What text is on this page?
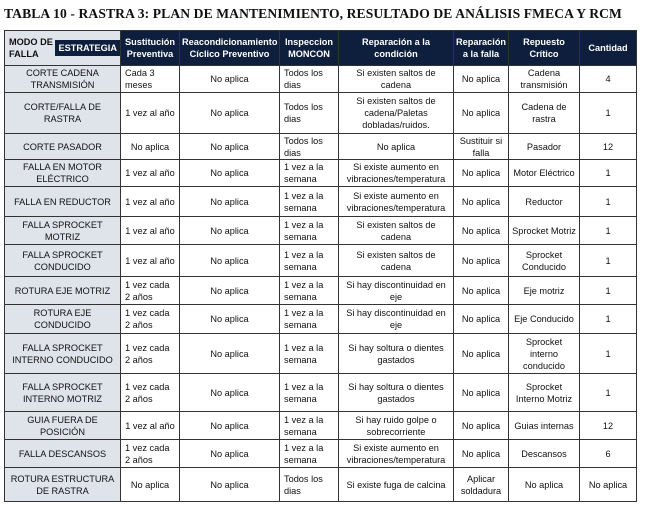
TABLA 10 - RASTRA 3: PLAN DE MANTENIMIENTO, RESULTADO DE ANÁLISIS FMECA Y RCM
MODO DE FALLA
ESTRATEGIA	Sustitución Preventiva	Reacondicionamiento Cíclico Preventivo	Inspeccion MONCON	Reparación a la condición	Reparación a la falla	Repuesto Crítico	Cantidad
CORTE CADENA TRANSMISIÓN	Cada 3 meses	No aplica	Todos los dias	Si existen saltos de cadena	No aplica	Cadena transmisión	4
CORTE/FALLA DE RASTRA	1 vez al año	No aplica	Todos los dias	Si existen saltos de cadena/Paletas dobladas/ruidos.	No aplica	Cadena de rastra	1
CORTE PASADOR	No aplica	No aplica	Todos los dias	No aplica	Sustituir si falla	Pasador	12
FALLA EN MOTOR ELÉCTRICO	1 vez al año	No aplica	1 vez a la semana	Si existe aumento en vibraciones/temperatura	No aplica	Motor Eléctrico	1
FALLA EN REDUCTOR	1 vez al año	No aplica	1 vez a la semana	Si existe aumento en vibraciones/temperatura	No aplica	Reductor	1
FALLA SPROCKET MOTRIZ	1 vez al año	No aplica	1 vez a la semana	Si existen saltos de cadena	No aplica	Sprocket Motriz	1
FALLA SPROCKET CONDUCIDO	1 vez al año	No aplica	1 vez a la semana	Si existen saltos de cadena	No aplica	Sprocket Conducido	1
ROTURA EJE MOTRIZ	1 vez cada 2 años	No aplica	1 vez a la semana	Si hay discontinuidad en eje	No aplica	Eje motriz	1
ROTURA EJE CONDUCIDO	1 vez cada 2 años	No aplica	1 vez a la semana	Si hay discontinuidad en eje	No aplica	Eje Conducido	1
FALLA SPROCKET INTERNO CONDUCIDO	1 vez cada 2 años	No aplica	1 vez a la semana	Si hay soltura o dientes gastados	No aplica	Sprocket interno conducido	1
FALLA SPROCKET INTERNO MOTRIZ	1 vez cada 2 años	No aplica	1 vez a la semana	Si hay soltura o dientes gastados	No aplica	Sprocket Interno Motriz	1
GUIA FUERA DE POSICIÓN	1 vez al año	No aplica	1 vez a la semana	Si hay ruido golpe o sobrecorriente	No aplica	Guias internas	12
FALLA DESCANSOS	1 vez cada 2 años	No aplica	1 vez a la semana	Si existe aumento en vibraciones/temperatura	No aplica	Descansos	6
ROTURA ESTRUCTURA DE RASTRA	No aplica	No aplica	Todos los dias	Si existe fuga de calcina	Aplicar soldadura	No aplica	No aplica
